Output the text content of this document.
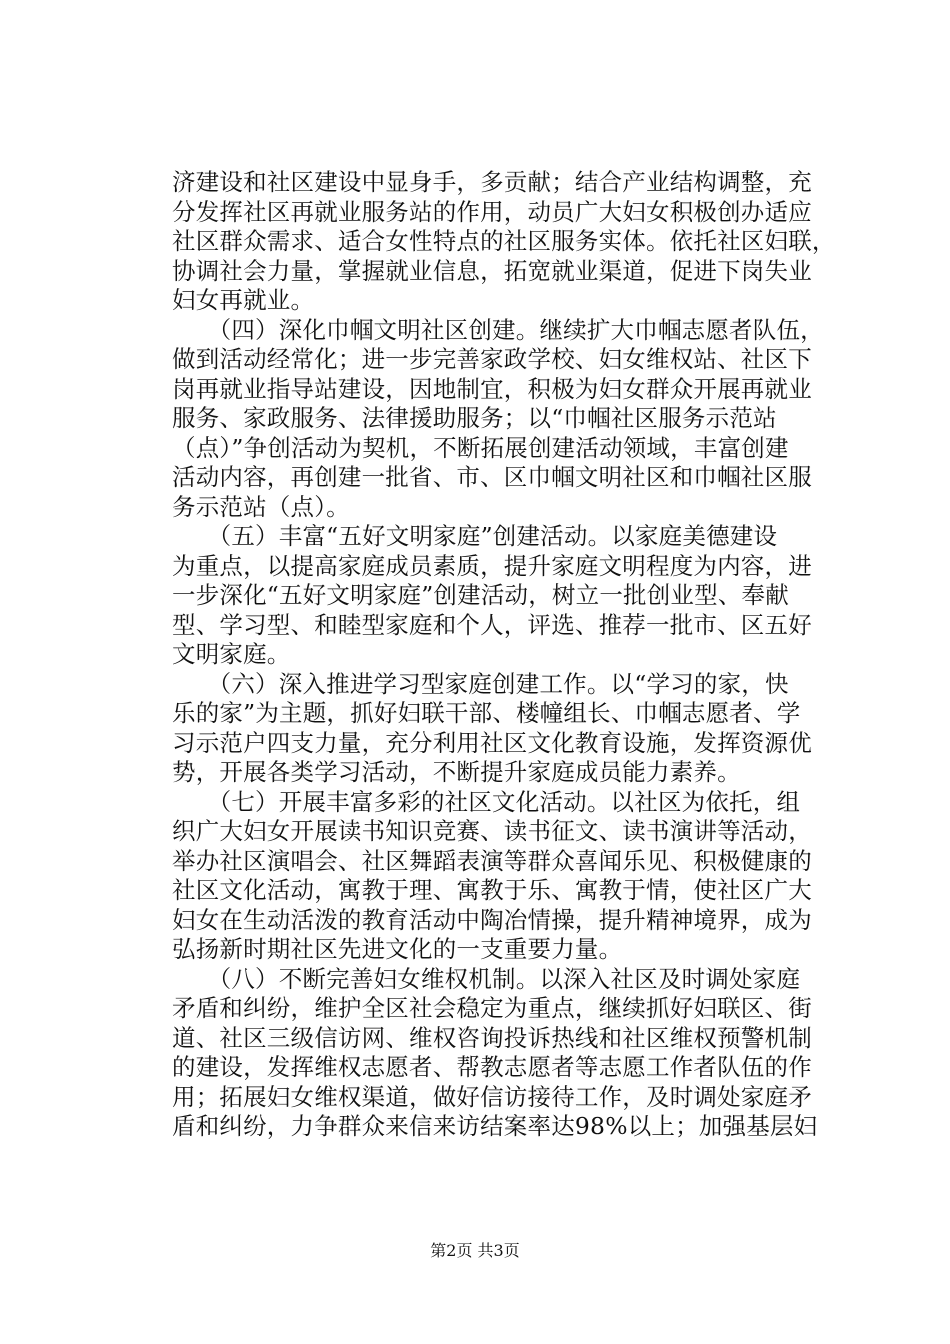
济建设和社区建设中显身手，多贡献；结合产业结构调整，充
分发挥社区再就业服务站的作用，动员广大妇女积极创办适应
社区群众需求、适合女性特点的社区服务实体。依托社区妇联，
协调社会力量，掌握就业信息，拓宽就业渠道，促进下岗失业
妇女再就业。
　　（四）深化巾帼文明社区创建。继续扩大巾帼志愿者队伍，
做到活动经常化；进一步完善家政学校、妇女维权站、社区下
岗再就业指导站建设，因地制宜，积极为妇女群众开展再就业
服务、家政服务、法律援助服务；以“巾帼社区服务示范站
（点）”争创活动为契机，不断拓展创建活动领域，丰富创建
活动内容，再创建一批省、市、区巾帼文明社区和巾帼社区服
务示范站（点）。
　　（五）丰富“五好文明家庭”创建活动。以家庭美德建设
为重点，以提高家庭成员素质，提升家庭文明程度为内容，进
一步深化“五好文明家庭”创建活动，树立一批创业型、奉献
型、学习型、和睦型家庭和个人，评选、推荐一批市、区五好
文明家庭。
　　（六）深入推进学习型家庭创建工作。以“学习的家，快
乐的家”为主题，抓好妇联干部、楼幢组长、巾帼志愿者、学
习示范户四支力量，充分利用社区文化教育设施，发挥资源优
势，开展各类学习活动，不断提升家庭成员能力素养。
　　（七）开展丰富多彩的社区文化活动。以社区为依托，组
织广大妇女开展读书知识竞赛、读书征文、读书演讲等活动，
举办社区演唱会、社区舞蹈表演等群众喜闻乐见、积极健康的
社区文化活动，寓教于理、寓教于乐、寓教于情，使社区广大
妇女在生动活泼的教育活动中陶冶情操，提升精神境界，成为
弘扬新时期社区先进文化的一支重要力量。
　　（八）不断完善妇女维权机制。以深入社区及时调处家庭
矛盾和纠纷，维护全区社会稳定为重点，继续抓好妇联区、街
道、社区三级信访网、维权咨询投诉热线和社区维权预警机制
的建设，发挥维权志愿者、帮教志愿者等志愿工作者队伍的作
用；拓展妇女维权渠道，做好信访接待工作，及时调处家庭矛
盾和纠纷，力争群众来信来访结案率达98%以上；加强基层妇
第2页 共3页
